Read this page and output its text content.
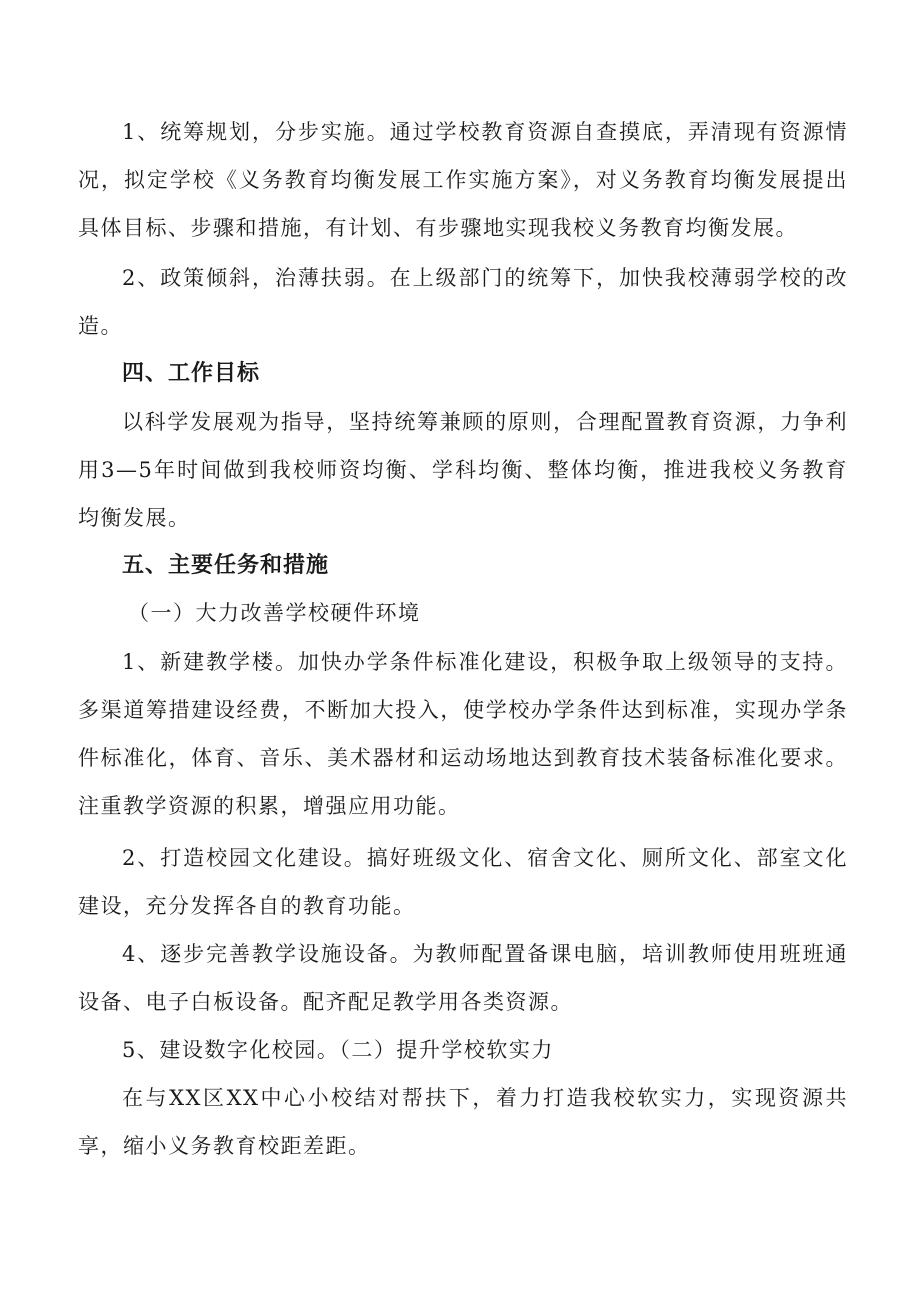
1、统筹规划，分步实施。通过学校教育资源自查摸底，弄清现有资源情况，拟定学校《义务教育均衡发展工作实施方案》，对义务教育均衡发展提出具体目标、步骤和措施，有计划、有步骤地实现我校义务教育均衡发展。

2、政策倾斜，治薄扶弱。在上级部门的统筹下，加快我校薄弱学校的改造。

四、工作目标

以科学发展观为指导，坚持统筹兼顾的原则，合理配置教育资源，力争利用3—5年时间做到我校师资均衡、学科均衡、整体均衡，推进我校义务教育均衡发展。

五、主要任务和措施

（一）大力改善学校硬件环境

1、新建教学楼。加快办学条件标准化建设，积极争取上级领导的支持。多渠道筹措建设经费，不断加大投入，使学校办学条件达到标准，实现办学条件标准化，体育、音乐、美术器材和运动场地达到教育技术装备标准化要求。注重教学资源的积累，增强应用功能。

2、打造校园文化建设。搞好班级文化、宿舍文化、厕所文化、部室文化建设，充分发挥各自的教育功能。

4、逐步完善教学设施设备。为教师配置备课电脑，培训教师使用班班通设备、电子白板设备。配齐配足教学用各类资源。

5、建设数字化校园。（二）提升学校软实力

在与XX区XX中心小校结对帮扶下，着力打造我校软实力，实现资源共享，缩小义务教育校距差距。
